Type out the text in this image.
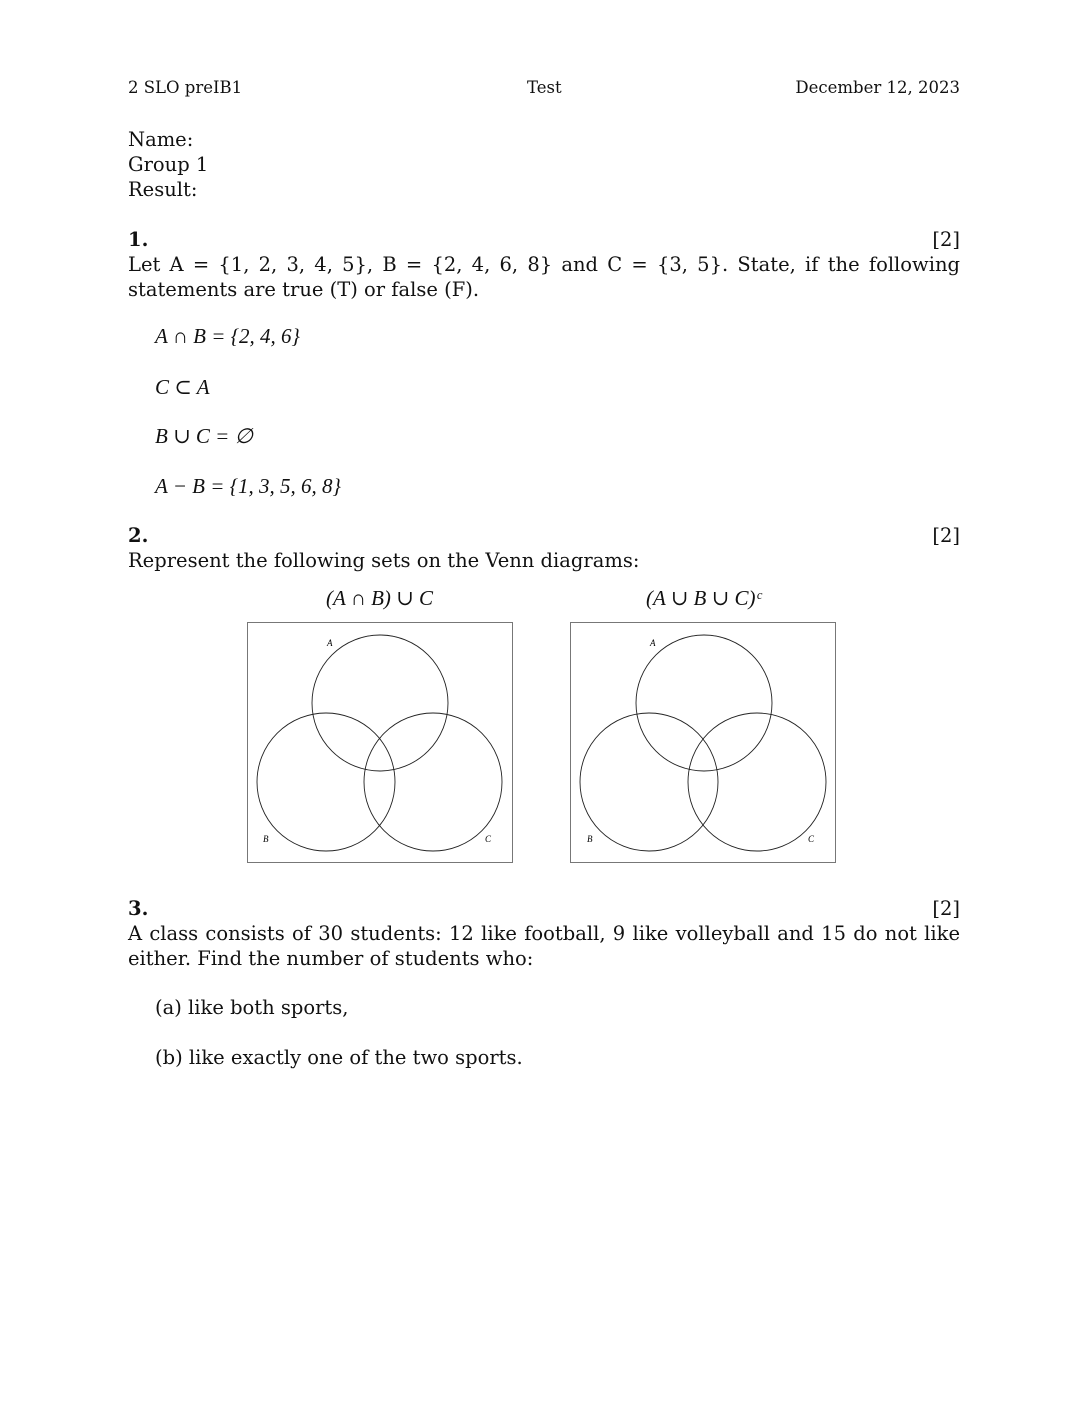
2 SLO preIB1	Test	December 12, 2023
Name:
Group 1
Result:
1.	[2]
Let A = {1, 2, 3, 4, 5}, B = {2, 4, 6, 8} and C = {3, 5}. State, if the following statements are true (T) or false (F).
A ∩ B = {2, 4, 6}
C ⊂ A
B ∪ C = ∅
A − B = {1, 3, 5, 6, 8}
2.	[2]
Represent the following sets on the Venn diagrams:
(A ∩ B) ∪ C	(A ∪ B ∪ C)ᶜ
A
B	C
A
B	C
3.	[2]
A class consists of 30 students: 12 like football, 9 like volleyball and 15 do not like either. Find the number of students who:
(a) like both sports,
(b) like exactly one of the two sports.
